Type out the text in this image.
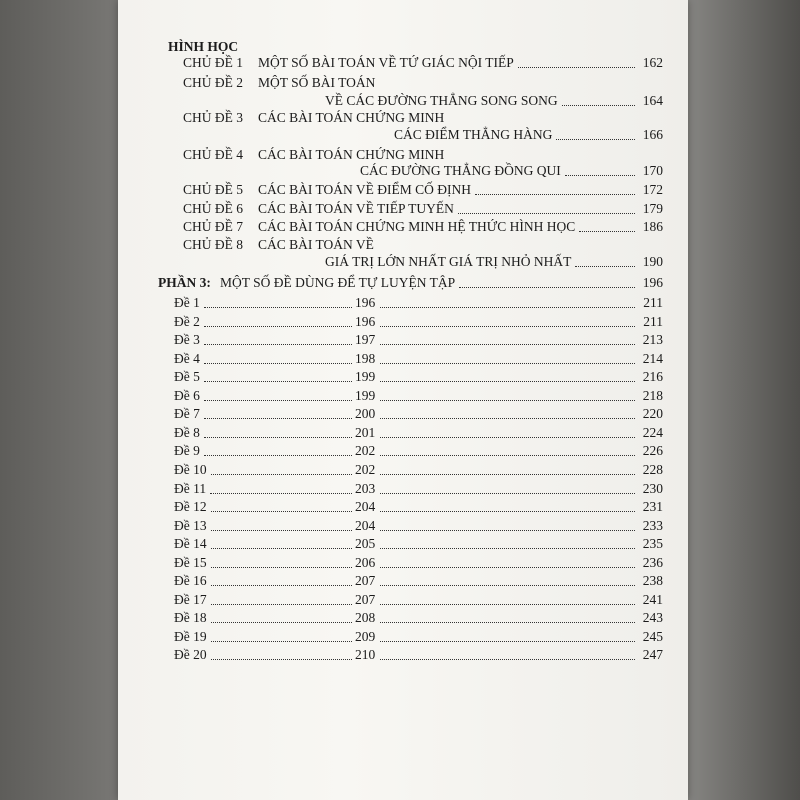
HÌNH HỌC
CHỦ ĐỀ 1 MỘT SỐ BÀI TOÁN VỀ TỨ GIÁC NỘI TIẾP	162
CHỦ ĐỀ 2 MỘT SỐ BÀI TOÁN
VỀ CÁC ĐƯỜNG THẲNG SONG SONG	164
CHỦ ĐỀ 3 CÁC BÀI TOÁN CHỨNG MINH
CÁC ĐIỂM THẲNG HÀNG	166
CHỦ ĐỀ 4 CÁC BÀI TOÁN CHỨNG MINH
CÁC ĐƯỜNG THẲNG ĐỒNG QUI	170
CHỦ ĐỀ 5 CÁC BÀI TOÁN VỀ ĐIỂM CỐ ĐỊNH	172
CHỦ ĐỀ 6 CÁC BÀI TOÁN VỀ TIẾP TUYẾN	179
CHỦ ĐỀ 7 CÁC BÀI TOÁN CHỨNG MINH HỆ THỨC HÌNH HỌC	186
CHỦ ĐỀ 8 CÁC BÀI TOÁN VỀ
GIÁ TRỊ LỚN NHẤT GIÁ TRỊ NHỎ NHẤT	190
PHẦN 3: MỘT SỐ ĐỀ DÙNG ĐỂ TỰ LUYỆN TẬP	196
Đề 1	196	211
Đề 2	196	211
Đề 3	197	213
Đề 4	198	214
Đề 5	199	216
Đề 6	199	218
Đề 7	200	220
Đề 8	201	224
Đề 9	202	226
Đề 10	202	228
Đề 11	203	230
Đề 12	204	231
Đề 13	204	233
Đề 14	205	235
Đề 15	206	236
Đề 16	207	238
Đề 17	207	241
Đề 18	208	243
Đề 19	209	245
Đề 20	210	247
